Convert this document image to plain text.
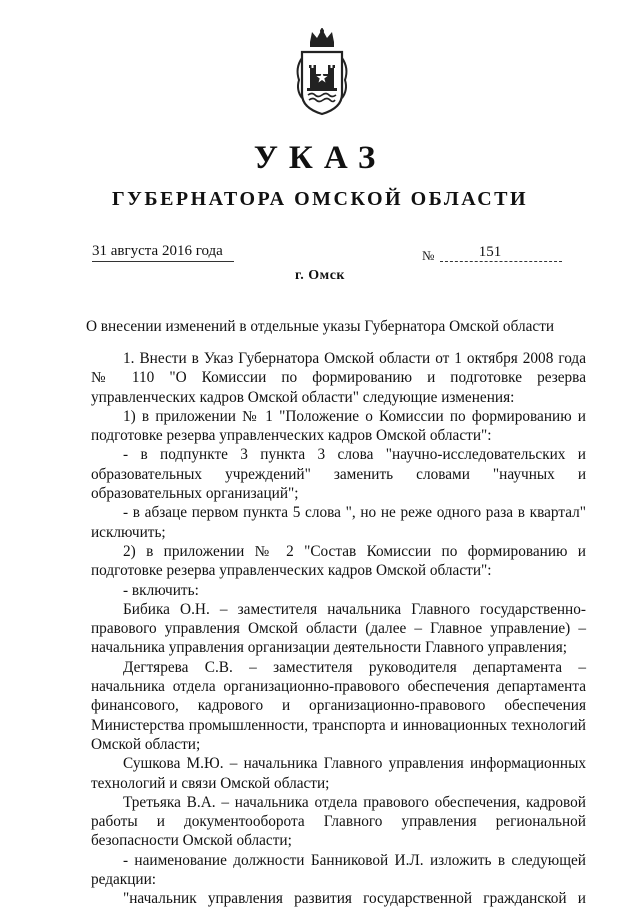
УКАЗ
ГУБЕРНАТОРА ОМСКОЙ ОБЛАСТИ
31 августа 2016 года	№	151
г. Омск
О внесении изменений в отдельные указы Губернатора Омской области

1. Внести в Указ Губернатора Омской области от 1 октября 2008 года № 110 "О Комиссии по формированию и подготовке резерва управленческих кадров Омской области" следующие изменения:

1) в приложении № 1 "Положение о Комиссии по формированию и подготовке резерва управленческих кадров Омской области":

- в подпункте 3 пункта 3 слова "научно-исследовательских и образовательных учреждений" заменить словами "научных и образовательных организаций";

- в абзаце первом пункта 5 слова ", но не реже одного раза в квартал" исключить;

2) в приложении № 2 "Состав Комиссии по формированию и подготовке резерва управленческих кадров Омской области":

- включить:

Бибика О.Н. – заместителя начальника Главного государственно-правового управления Омской области (далее – Главное управление) – начальника управления организации деятельности Главного управления;

Дегтярева С.В. – заместителя руководителя департамента – начальника отдела организационно-правового обеспечения департамента финансового, кадрового и организационно-правового обеспечения Министерства промышленности, транспорта и инновационных технологий Омской области;

Сушкова М.Ю. – начальника Главного управления информационных технологий и связи Омской области;

Третьяка В.А. – начальника отдела правового обеспечения, кадровой работы и документооборота Главного управления региональной безопасности Омской области;

- наименование должности Банниковой И.Л. изложить в следующей редакции:

"начальник управления развития государственной гражданской и
